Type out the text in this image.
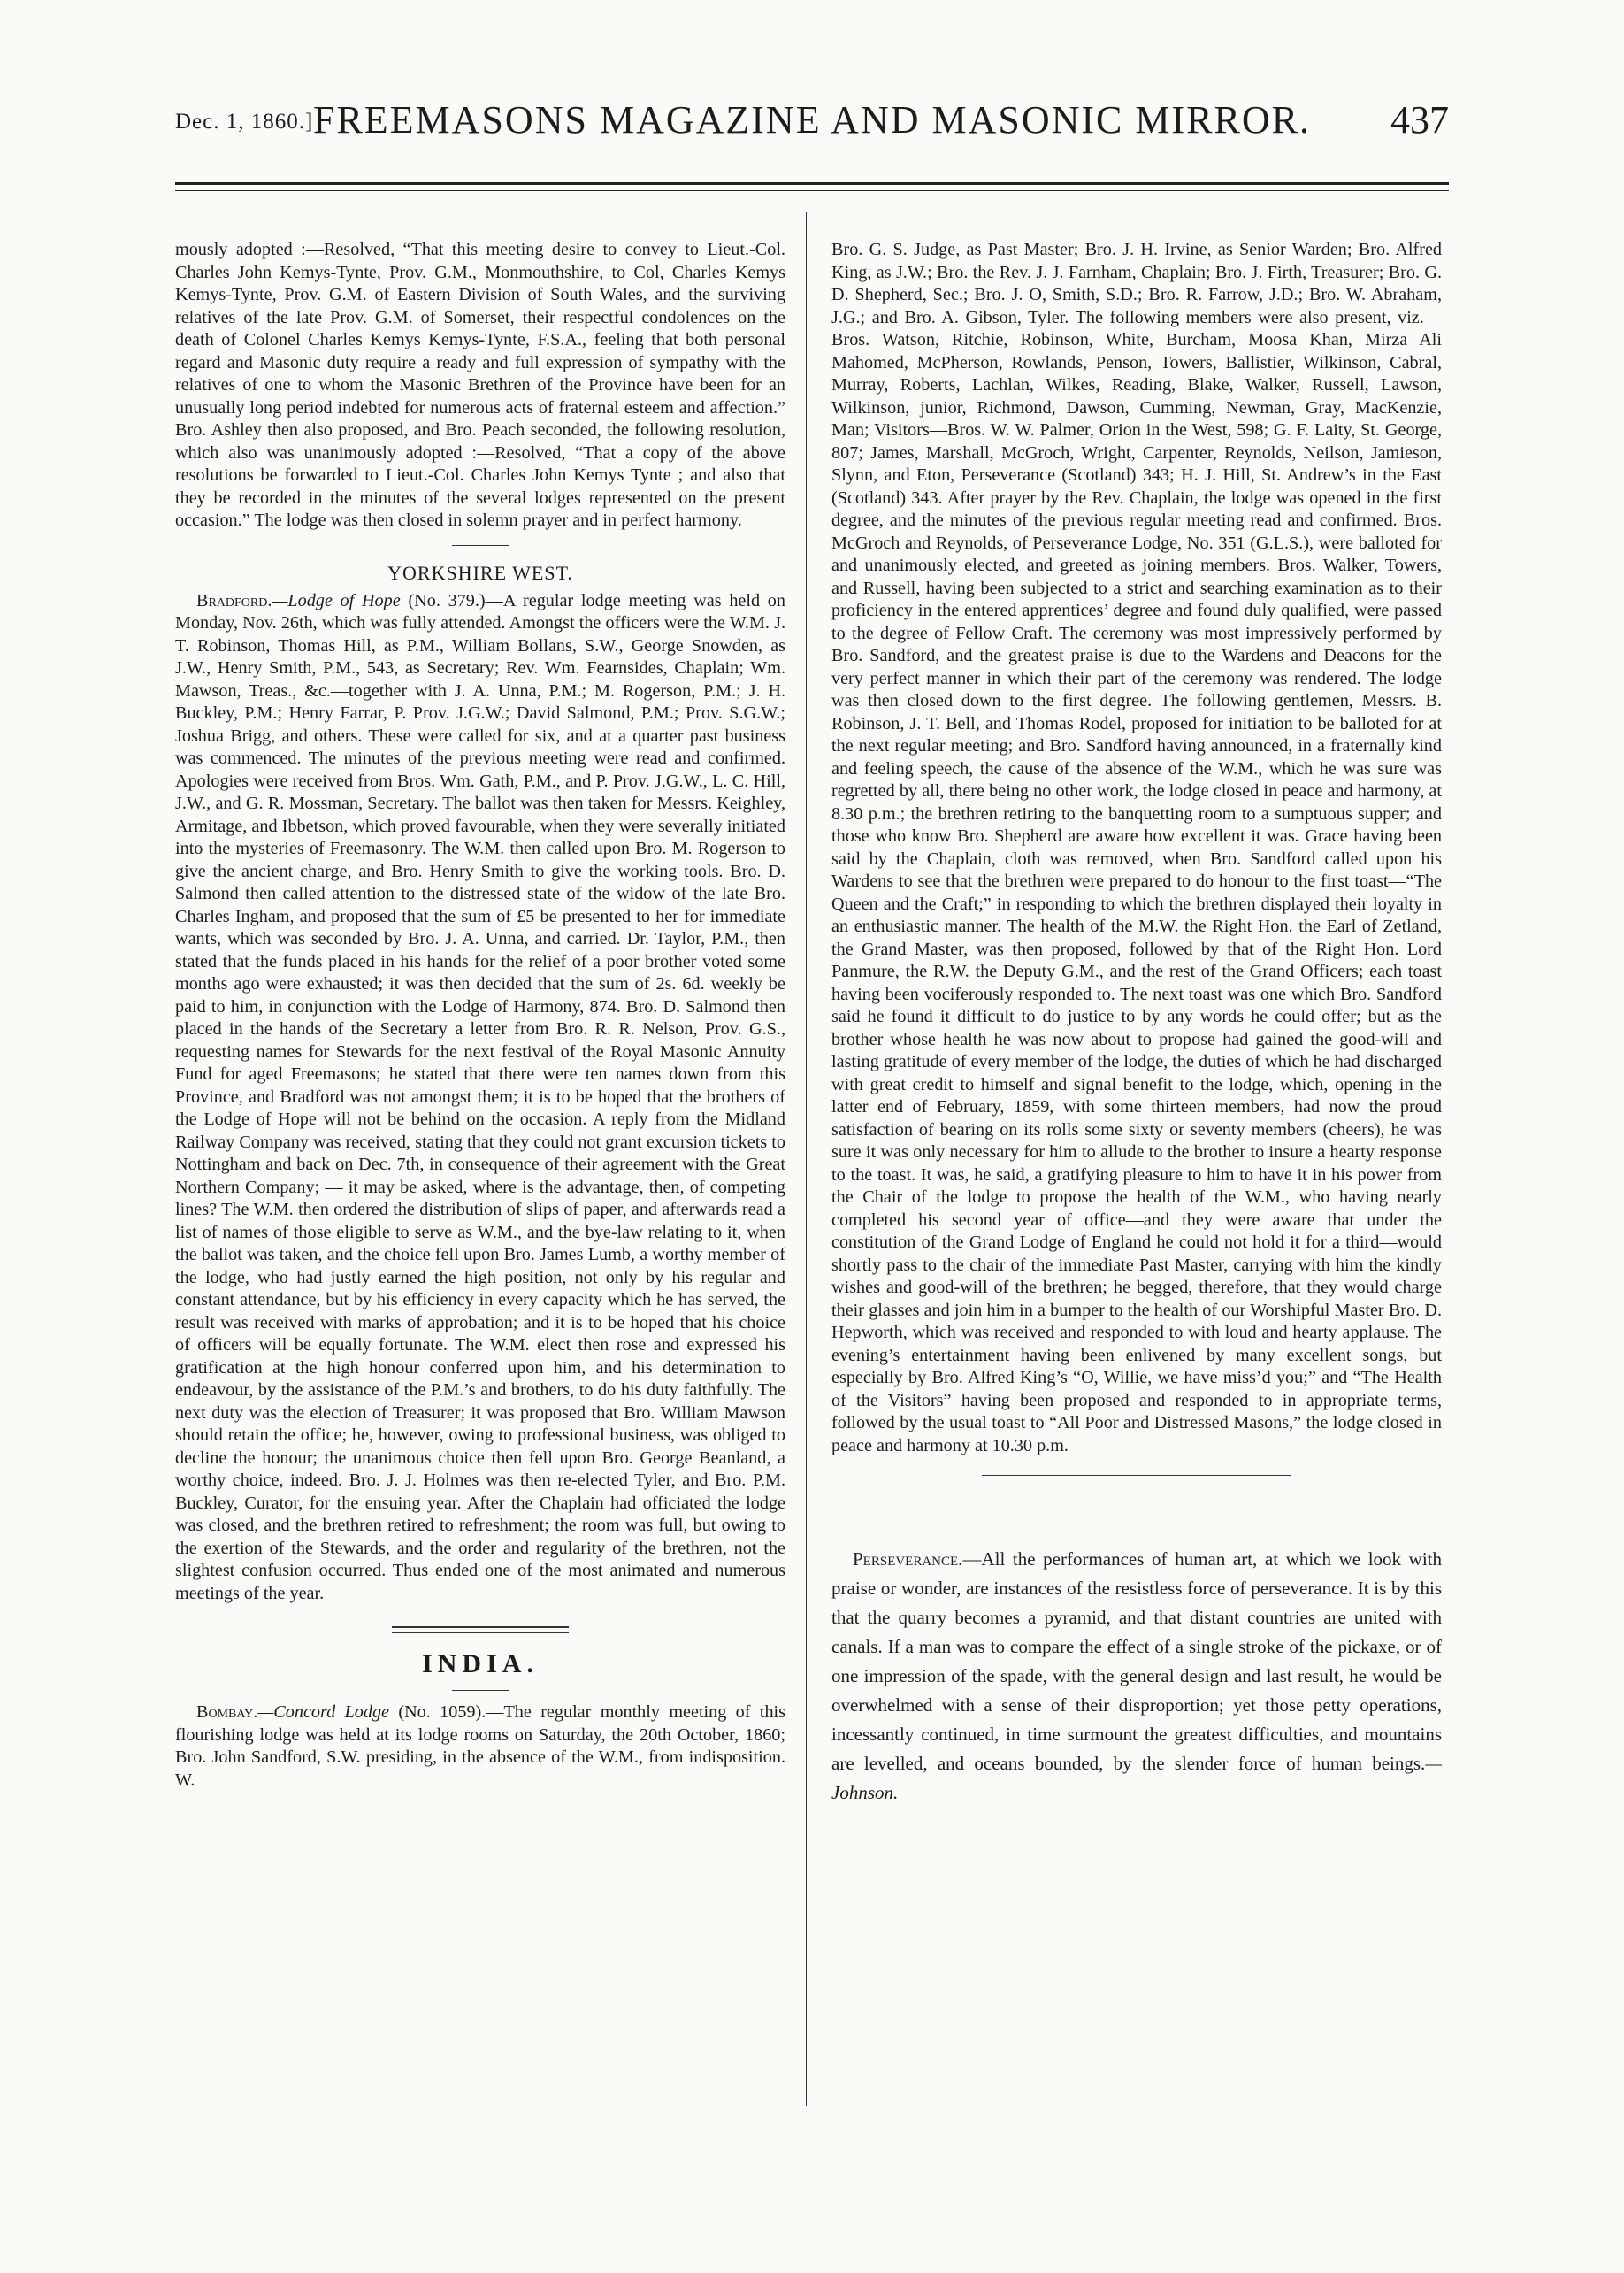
Dec. 1, 1860.] FREEMASONS MAGAZINE AND MASONIC MIRROR.	437

mously adopted :—Resolved, “That this meeting desire to convey to Lieut.-Col. Charles John Kemys-Tynte, Prov. G.M., Monmouthshire, to Col, Charles Kemys Kemys-Tynte, Prov. G.M. of Eastern Division of South Wales, and the surviving relatives of the late Prov. G.M. of Somerset, their respectful condolences on the death of Colonel Charles Kemys Kemys-Tynte, F.S.A., feeling that both personal regard and Masonic duty require a ready and full expression of sympathy with the relatives of one to whom the Masonic Brethren of the Province have been for an unusually long period indebted for numerous acts of fraternal esteem and affection.” Bro. Ashley then also proposed, and Bro. Peach seconded, the following resolution, which also was unanimously adopted :—Resolved, “That a copy of the above resolutions be forwarded to Lieut.-Col. Charles John Kemys Tynte ; and also that they be recorded in the minutes of the several lodges represented on the present occasion.” The lodge was then closed in solemn prayer and in perfect harmony.

YORKSHIRE WEST.

Bradford.—Lodge of Hope (No. 379.)—A regular lodge meeting was held on Monday, Nov. 26th, which was fully attended. Amongst the officers were the W.M. J. T. Robinson, Thomas Hill, as P.M., William Bollans, S.W., George Snowden, as J.W., Henry Smith, P.M., 543, as Secretary; Rev. Wm. Fearnsides, Chaplain; Wm. Mawson, Treas., &c.—together with J. A. Unna, P.M.; M. Rogerson, P.M.; J. H. Buckley, P.M.; Henry Farrar, P. Prov. J.G.W.; David Salmond, P.M.; Prov. S.G.W.; Joshua Brigg, and others. These were called for six, and at a quarter past business was commenced. The minutes of the previous meeting were read and confirmed. Apologies were received from Bros. Wm. Gath, P.M., and P. Prov. J.G.W., L. C. Hill, J.W., and G. R. Mossman, Secretary. The ballot was then taken for Messrs. Keighley, Armitage, and Ibbetson, which proved favourable, when they were severally initiated into the mysteries of Freemasonry. The W.M. then called upon Bro. M. Rogerson to give the ancient charge, and Bro. Henry Smith to give the working tools. Bro. D. Salmond then called attention to the distressed state of the widow of the late Bro. Charles Ingham, and proposed that the sum of £5 be presented to her for immediate wants, which was seconded by Bro. J. A. Unna, and carried. Dr. Taylor, P.M., then stated that the funds placed in his hands for the relief of a poor brother voted some months ago were exhausted; it was then decided that the sum of 2s. 6d. weekly be paid to him, in conjunction with the Lodge of Harmony, 874. Bro. D. Salmond then placed in the hands of the Secretary a letter from Bro. R. R. Nelson, Prov. G.S., requesting names for Stewards for the next festival of the Royal Masonic Annuity Fund for aged Freemasons; he stated that there were ten names down from this Province, and Bradford was not amongst them; it is to be hoped that the brothers of the Lodge of Hope will not be behind on the occasion. A reply from the Midland Railway Company was received, stating that they could not grant excursion tickets to Nottingham and back on Dec. 7th, in consequence of their agreement with the Great Northern Company; — it may be asked, where is the advantage, then, of competing lines? The W.M. then ordered the distribution of slips of paper, and afterwards read a list of names of those eligible to serve as W.M., and the bye-law relating to it, when the ballot was taken, and the choice fell upon Bro. James Lumb, a worthy member of the lodge, who had justly earned the high position, not only by his regular and constant attendance, but by his efficiency in every capacity which he has served, the result was received with marks of approbation; and it is to be hoped that his choice of officers will be equally fortunate. The W.M. elect then rose and expressed his gratification at the high honour conferred upon him, and his determination to endeavour, by the assistance of the P.M.’s and brothers, to do his duty faithfully. The next duty was the election of Treasurer; it was proposed that Bro. William Mawson should retain the office; he, however, owing to professional business, was obliged to decline the honour; the unanimous choice then fell upon Bro. George Beanland, a worthy choice, indeed. Bro. J. J. Holmes was then re-elected Tyler, and Bro. P.M. Buckley, Curator, for the ensuing year. After the Chaplain had officiated the lodge was closed, and the brethren retired to refreshment; the room was full, but owing to the exertion of the Stewards, and the order and regularity of the brethren, not the slightest confusion occurred. Thus ended one of the most animated and numerous meetings of the year.

INDIA.

Bombay.—Concord Lodge (No. 1059).—The regular monthly meeting of this flourishing lodge was held at its lodge rooms on Saturday, the 20th October, 1860; Bro. John Sandford, S.W. presiding, in the absence of the W.M., from indisposition. W.

Bro. G. S. Judge, as Past Master; Bro. J. H. Irvine, as Senior Warden; Bro. Alfred King, as J.W.; Bro. the Rev. J. J. Farnham, Chaplain; Bro. J. Firth, Treasurer; Bro. G. D. Shepherd, Sec.; Bro. J. O, Smith, S.D.; Bro. R. Farrow, J.D.; Bro. W. Abraham, J.G.; and Bro. A. Gibson, Tyler. The following members were also present, viz.—Bros. Watson, Ritchie, Robinson, White, Burcham, Moosa Khan, Mirza Ali Mahomed, McPherson, Rowlands, Penson, Towers, Ballistier, Wilkinson, Cabral, Murray, Roberts, Lachlan, Wilkes, Reading, Blake, Walker, Russell, Lawson, Wilkinson, junior, Richmond, Dawson, Cumming, Newman, Gray, MacKenzie, Man; Visitors—Bros. W. W. Palmer, Orion in the West, 598; G. F. Laity, St. George, 807; James, Marshall, McGroch, Wright, Carpenter, Reynolds, Neilson, Jamieson, Slynn, and Eton, Perseverance (Scotland) 343; H. J. Hill, St. Andrew’s in the East (Scotland) 343. After prayer by the Rev. Chaplain, the lodge was opened in the first degree, and the minutes of the previous regular meeting read and confirmed. Bros. McGroch and Reynolds, of Perseverance Lodge, No. 351 (G.L.S.), were balloted for and unanimously elected, and greeted as joining members. Bros. Walker, Towers, and Russell, having been subjected to a strict and searching examination as to their proficiency in the entered apprentices’ degree and found duly qualified, were passed to the degree of Fellow Craft. The ceremony was most impressively performed by Bro. Sandford, and the greatest praise is due to the Wardens and Deacons for the very perfect manner in which their part of the ceremony was rendered. The lodge was then closed down to the first degree. The following gentlemen, Messrs. B. Robinson, J. T. Bell, and Thomas Rodel, proposed for initiation to be balloted for at the next regular meeting; and Bro. Sandford having announced, in a fraternally kind and feeling speech, the cause of the absence of the W.M., which he was sure was regretted by all, there being no other work, the lodge closed in peace and harmony, at 8.30 p.m.; the brethren retiring to the banquetting room to a sumptuous supper; and those who know Bro. Shepherd are aware how excellent it was. Grace having been said by the Chaplain, cloth was removed, when Bro. Sandford called upon his Wardens to see that the brethren were prepared to do honour to the first toast—“The Queen and the Craft;” in responding to which the brethren displayed their loyalty in an enthusiastic manner. The health of the M.W. the Right Hon. the Earl of Zetland, the Grand Master, was then proposed, followed by that of the Right Hon. Lord Panmure, the R.W. the Deputy G.M., and the rest of the Grand Officers; each toast having been vociferously responded to. The next toast was one which Bro. Sandford said he found it difficult to do justice to by any words he could offer; but as the brother whose health he was now about to propose had gained the good-will and lasting gratitude of every member of the lodge, the duties of which he had discharged with great credit to himself and signal benefit to the lodge, which, opening in the latter end of February, 1859, with some thirteen members, had now the proud satisfaction of bearing on its rolls some sixty or seventy members (cheers), he was sure it was only necessary for him to allude to the brother to insure a hearty response to the toast. It was, he said, a gratifying pleasure to him to have it in his power from the Chair of the lodge to propose the health of the W.M., who having nearly completed his second year of office—and they were aware that under the constitution of the Grand Lodge of England he could not hold it for a third—would shortly pass to the chair of the immediate Past Master, carrying with him the kindly wishes and good-will of the brethren; he begged, therefore, that they would charge their glasses and join him in a bumper to the health of our Worshipful Master Bro. D. Hepworth, which was received and responded to with loud and hearty applause. The evening’s entertainment having been enlivened by many excellent songs, but especially by Bro. Alfred King’s “O, Willie, we have miss’d you;” and “The Health of the Visitors” having been proposed and responded to in appropriate terms, followed by the usual toast to “All Poor and Distressed Masons,” the lodge closed in peace and harmony at 10.30 p.m.

Perseverance.—All the performances of human art, at which we look with praise or wonder, are instances of the resistless force of perseverance. It is by this that the quarry becomes a pyramid, and that distant countries are united with canals. If a man was to compare the effect of a single stroke of the pickaxe, or of one impression of the spade, with the general design and last result, he would be overwhelmed with a sense of their disproportion; yet those petty operations, incessantly continued, in time surmount the greatest difficulties, and mountains are levelled, and oceans bounded, by the slender force of human beings.—Johnson.
